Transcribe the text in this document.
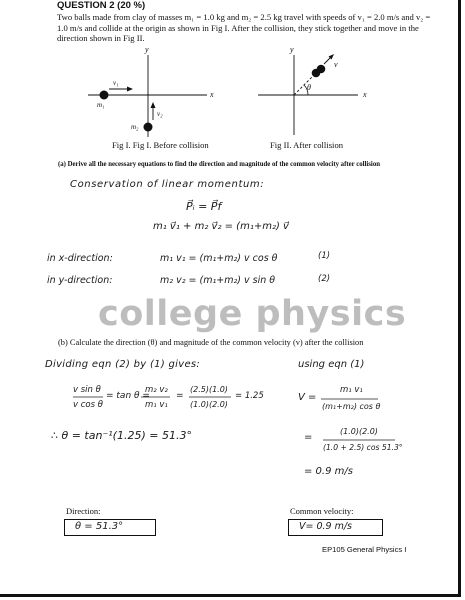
QUESTION 2 (20 %)
Two balls made from clay of masses m₁ = 1.0 kg and m₂ = 2.5 kg travel with speeds of v₁ = 2.0 m/s and v₂ = 1.0 m/s and collide at the origin as shown in Fig I. After the collision, they stick together and move in the direction shown in Fig II.
x
y
v₁
m₁
v₂
m₂
Fig I. Fig I. Before collision
x
y
v
θ
Fig II. After collision
(a) Derive all the necessary equations to find the direction and magnitude of the common velocity after collision
Conservation of linear momentum:
P⃗ᵢ = P⃗f
m₁ v⃗₁ + m₂ v⃗₂ = (m₁+m₂) v⃗
in x-direction:	m₁ v₁ = (m₁+m₂) v cos θ	(1)
in y-direction:	m₂ v₂ = (m₁+m₂) v sin θ	(2)
college physics
(b) Calculate the direction (θ) and magnitude of the common velocity (v) after the collision
Dividing eqn (2) by (1) gives:	using eqn (1)
v sin θ
v cos θ
= tan θ =
m₂ v₂
m₁ v₁
=
(2.5)(1.0)
(1.0)(2.0)
= 1.25
∴ θ = tan⁻¹(1.25) = 51.3°
V =
m₁ v₁
(m₁+m₂) cos θ
=
(1.0)(2.0)
(1.0 + 2.5) cos 51.3°
= 0.9 m/s
Direction:
θ = 51.3°
Common velocity:
V= 0.9 m/s
EP105 General Physics I
